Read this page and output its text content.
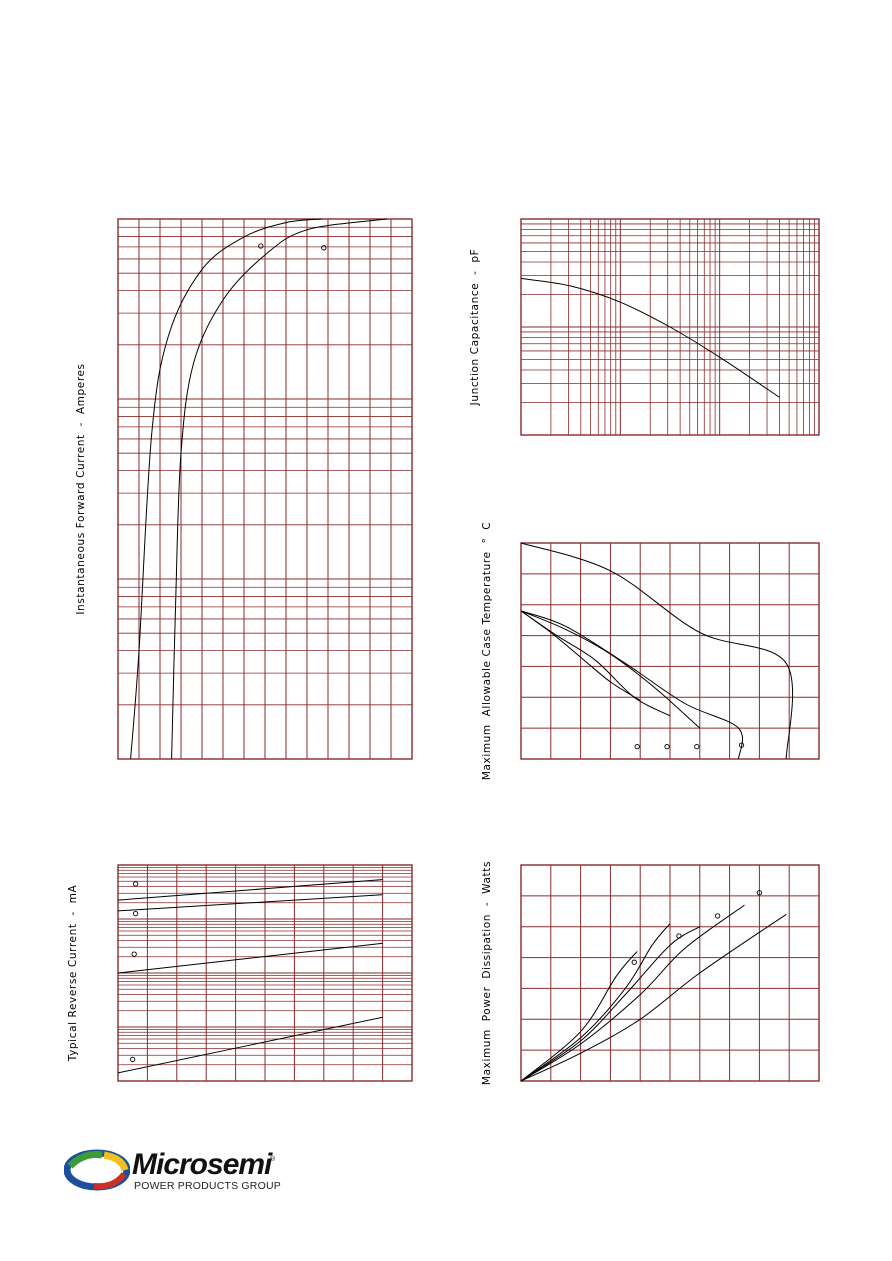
Instantaneous Forward Current  -  Amperes
Junction Capacitance  -  pF
Maximum  Allowable Case Temperature  °  C
Typical Reverse Current  -  mA	Maximum  Power  Dissipation  -  Watts
Microsemi
®
POWER PRODUCTS GROUP
